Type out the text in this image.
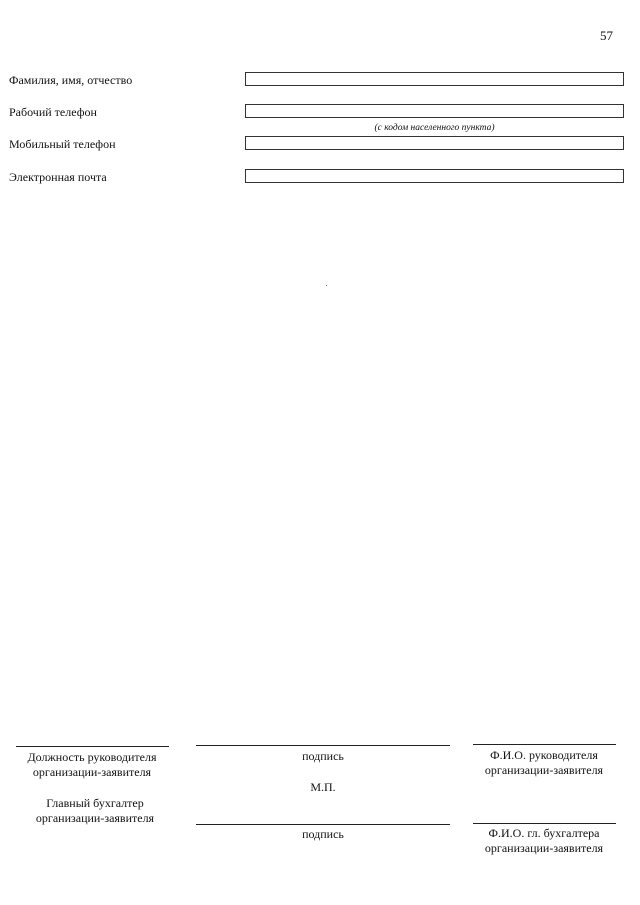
57
Фамилия, имя, отчество
Рабочий телефон
(с кодом населенного пункта)
Мобильный телефон
Электронная почта
Должность руководителя
организации-заявителя
подпись	Ф.И.О. руководителя
организации-заявителя
М.П.
Главный бухгалтер
организации-заявителя
подпись	Ф.И.О. гл. бухгалтера
организации-заявителя
